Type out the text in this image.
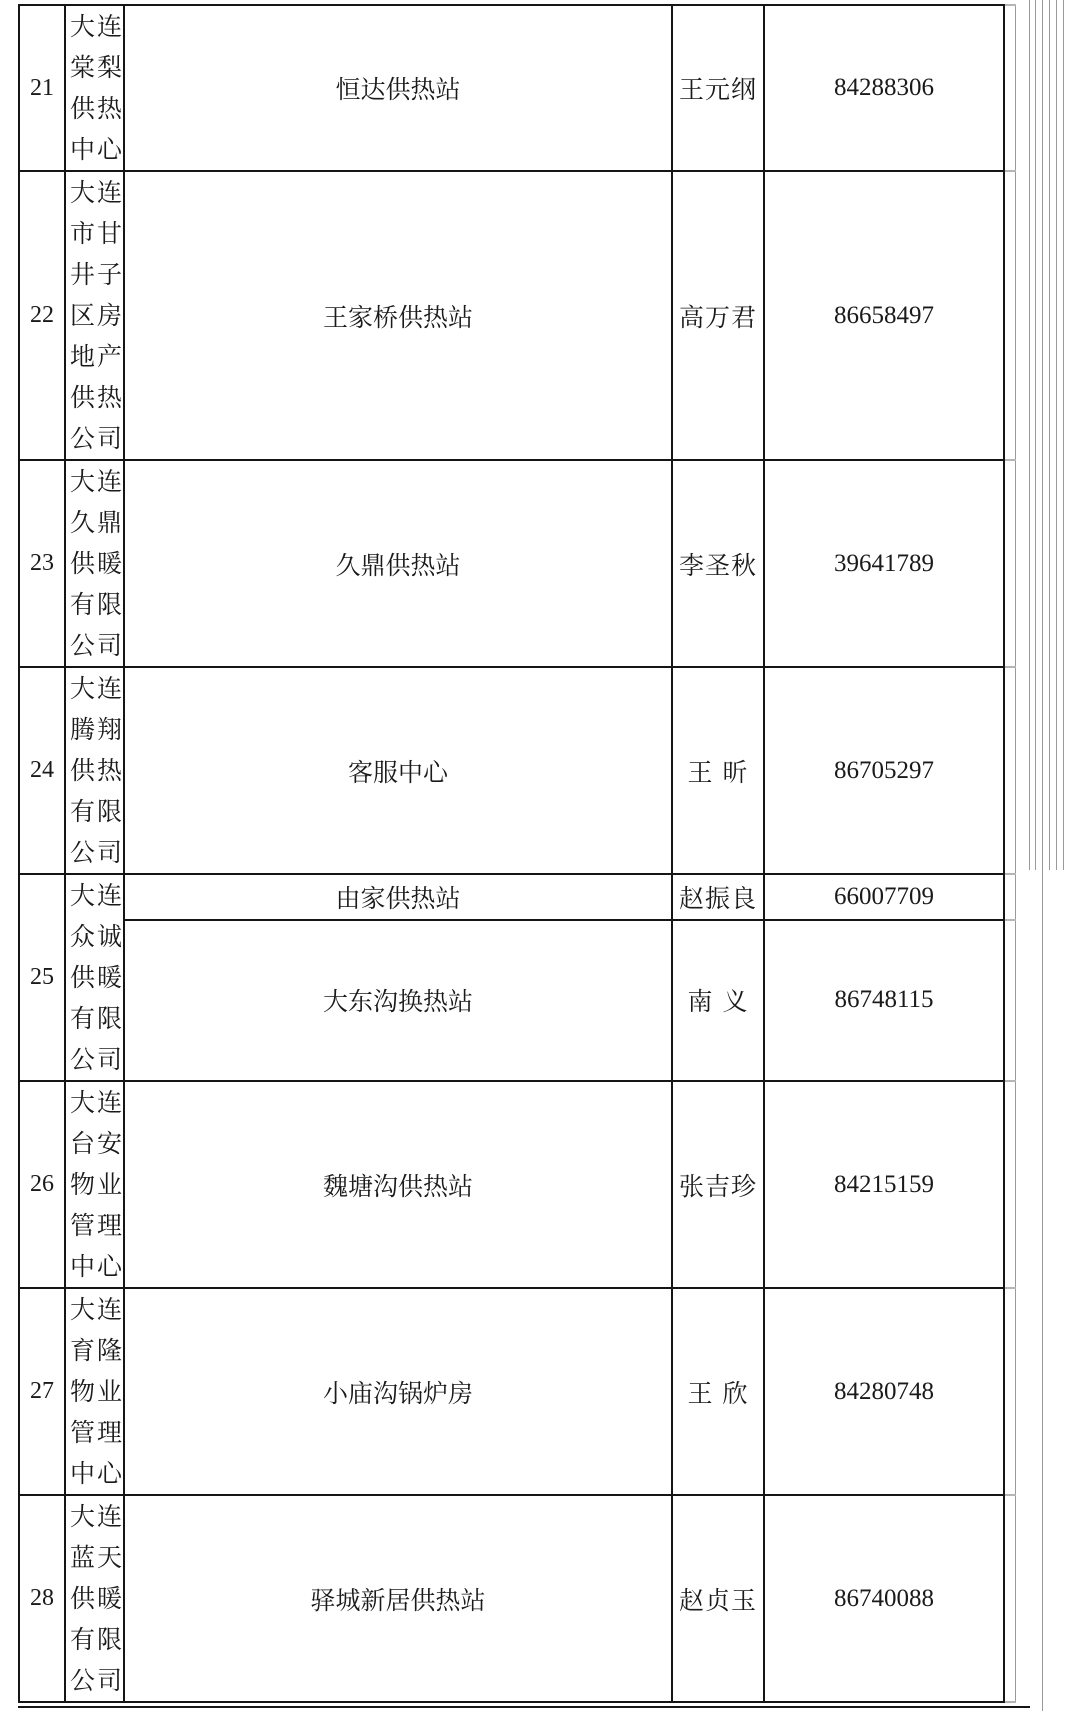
21	大连棠梨供热中心	恒达供热站	王元纲	84288306	
22	大连市甘井子区房地产供热公司	王家桥供热站	高万君	86658497	
23	大连久鼎供暖有限公司	久鼎供热站	李圣秋	39641789	
24	大连腾翔供热有限公司	客服中心	王 昕	86705297	
25	大连众诚供暖有限公司	由家供热站	赵振良	66007709	
		大东沟换热站	南 义	86748115	
26	大连台安物业管理中心	魏塘沟供热站	张吉珍	84215159	
27	大连育隆物业管理中心	小庙沟锅炉房	王 欣	84280748	
28	大连蓝天供暖有限公司	驿城新居供热站	赵贞玉	86740088	
